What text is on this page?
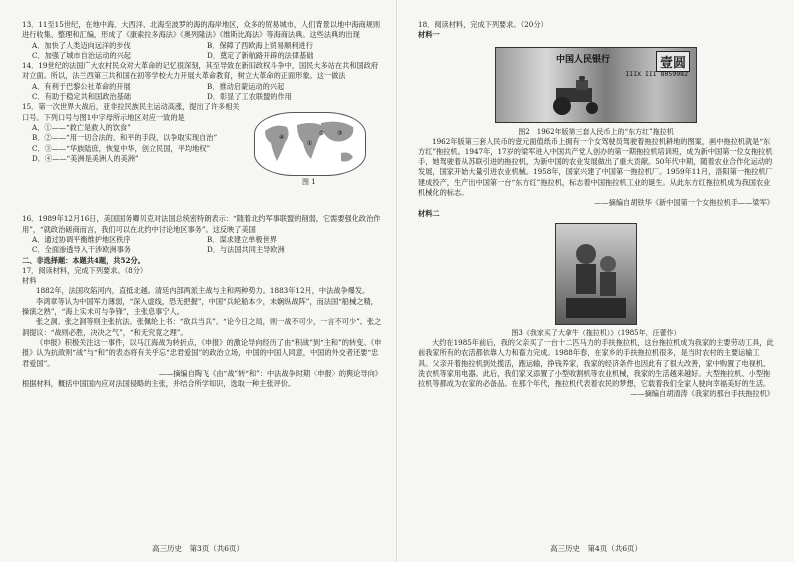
13．11至15世纪，在地中海、大西洋、北海至波罗的海的海岸地区，众多的贸易城市，人们背景以地中海商规则进行收集、整理和汇编，形成了《康索拉多海法》《奥列隆法》《维斯比海法》等海商法典。这些法典的出现

A．加快了人类迈向远洋的步伐	B．保障了西欧海上贸易顺利进行
C．加强了城市自治运动的兴起	D．奠定了新航路开辟的法律基础

14．19世纪的法国广大农村民众对大革命的记忆很深刻，其至导致在新旧政权斗争中，国民大多站在共和国政府对立面。所以，法兰西第三共和国在初等学校大力开展大革命教育，树立大革命的正面形象。这一做法

A．有利于巴黎公社革命的开展	B．推动启蒙运动的兴起
C．有助于稳定共和国政治基础	D．彰显了工农联盟的作用

15．第一次世界大战后，亚非拉民族民主运动高涨，提出了许多相关口号。下列口号与图1中字母所示地区对应一致的是

A．①——“救亡是救人的饮食”
B．②——“用一切合法的、和平的手段，以争取实现自治”
C．③——“华族陆庶，恢复中华，创立民国，平均地权”
D．④——“美洲是美洲人的美洲”
④
①
② ③
图 1

16．1989年12月16日，美国国务卿贝克对法国总统密特朗表示：“随着北约军事联盟的削弱，它需要强化政治作用”，“就政治磋商而言，我们可以在北约中讨论地区事务”。这反映了美国

A．通过协调平衡维护地区秩序	B．谋求建立单极世界
C．全面渗透导入干涉欧洲事务	D．与法国共同主导欧洲

二、非选择题：本题共4题，共52分。

17．阅读材料，完成下列要求。（8分）

材料

1882年，法国攻陷河内，直抵北越。清廷内部两派主战与主和两种势力。1883年12月，中法战争爆发。

李鸿章等认为中国军力薄弱，“深入虚线，恐无把握”，中国“兵轮船本少，未娴纵战阵”，而法国“船械之精，操演之熟”，“海上实未可与争锋”，主张息事宁人。

张之洞、张之洞等则主张抗法。张佩纶上书：“欲兵当兵”。“论今日之局，则一战不可少，一言不可少”。张之洞提议：“战则必胜，决决之气”，“和无究竟之理”。

《申报》积极关注这一事件，以马江海战为转折点，《申报》的激论导向经历了由“积战”到“主和”的转变。《申报》认为抗敌则“战”与“和”的表态将有关乎忘“忠君爱国”的政治立场，中国的中国人同意，中国的外交者还要“忠君爱国”。

——摘编自陶飞《由“战”转“和”：中法战争时期〈申报〉的舆论导向》

根据材料，概括中国国内应对法国侵略的主张，并结合所学知识，选取一种主张评价。

高三历史　第3页（共6页）

18．阅读材料，完成下列要求。（20分）

材料一

中国人民银行	壹圆
IIIX III 8059982

图2　1962年版第三套人民币上的“东方红”拖拉机

1962年版第三套人民币的壹元面值纸币上拥有一个女驾驶员驾驶着拖拉机耕地的图案，画中拖拉机就是“东方红”拖拉机。1947年，17岁的梁军进入中国共产党人创办的第一期拖拉机培训班，成为新中国第一位女拖拉机手，她驾驶着从苏联引进的拖拉机，为新中国的农业发展做出了重大贡献。50年代中期，随着农业合作化运动的发展，国家开始大量引进农业机械。1958年，国家兴建了中国第一拖拉机厂。1959年11月，洛阳第一拖拉机厂建成投产，生产出中国第一台“东方红”拖拉机，标志着中国拖拉机工业的诞生。从此东方红拖拉机成为我国农业机械化的标志。

——摘编自胡铁华《新中国第一个女拖拉机手——梁军》

材料二

图3《我家买了大拿牛（拖拉机）》（1985年，汪蕾作）

大约在1985年前后，我的父亲买了一台十二匹马力的手扶拖拉机，这台拖拉机成为我家的主要劳动工具，此前我家所有的农活都依靠人力和畜力完成。1988年春，在家乡的手扶拖拉机很多，是当时农村的主要运输工具。父亲开着拖拉机到处揽活，跑运输，挣钱养家，我家的经济条件也因此有了很大改善，家中购置了电视机、洗衣机等家用电器。此后，我们家又添置了小型收割机等农业机械，我家的生活越来越好。大型拖拉机、小型拖拉机等都成为农家的必备品。在那个年代，拖拉机代表着农民的梦想，它载着我们全家人驶向幸福美好的生活。

——摘编自胡清涛《我家的那台手扶拖拉机》

高三历史　第4页（共6页）
